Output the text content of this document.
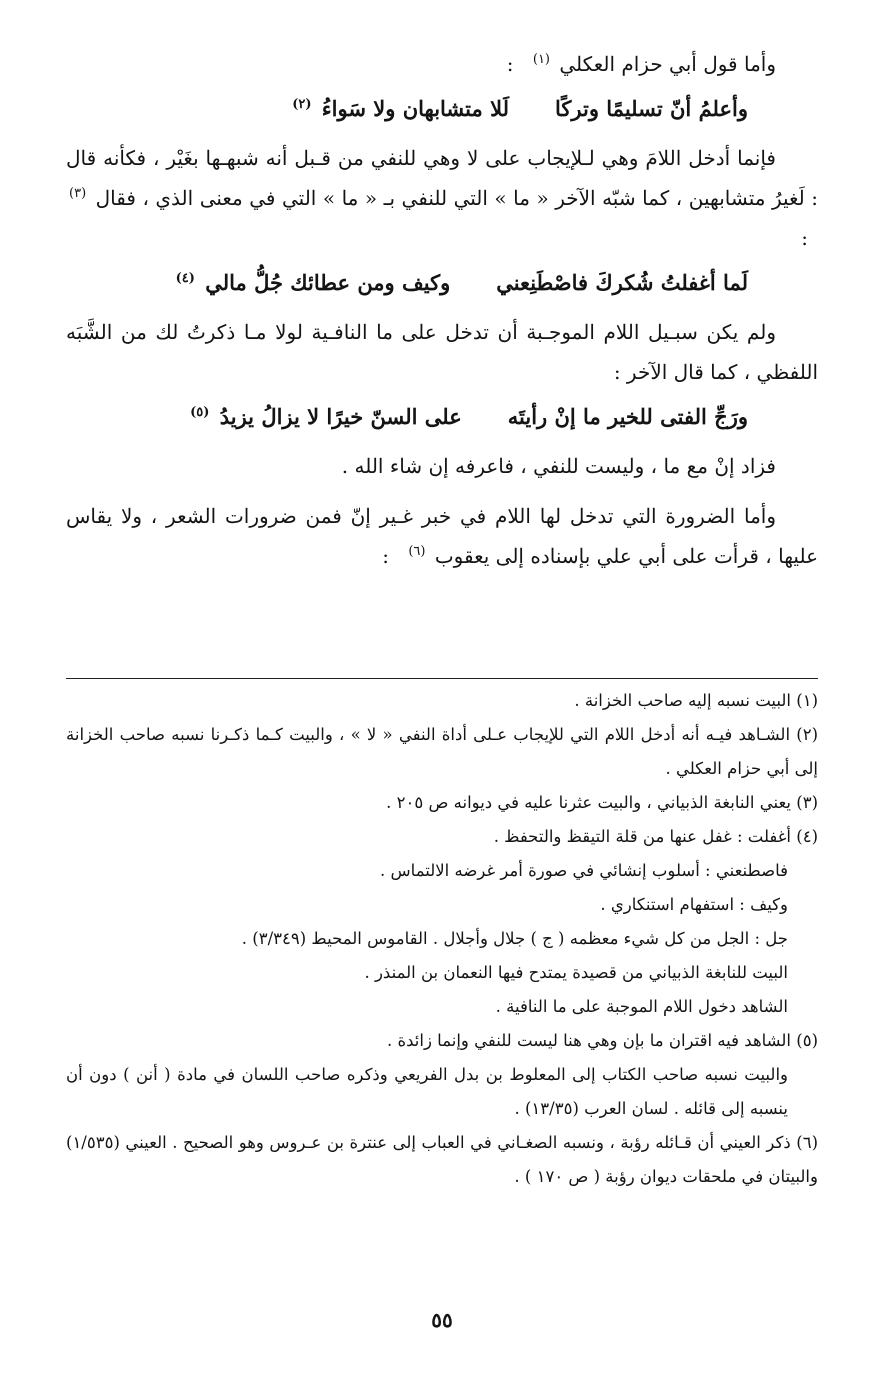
وأما قول أبي حزام العكلي $^{(١)}$ :

وأعلمُ أنّ تسليمًا وتركًا
لَلا متشابهان ولا سَواءُ $^{(٢)}$

فإنما أدخل اللامَ وهي لـلإيجاب على لا وهي للنفي من قـبل أنه شبهـها بغَيْر ، فكأنه قال : لَغيرُ متشابهين ، كما شبّه الآخر « ما » التي للنفي بـ « ما » التي في معنى الذي ، فقال $^{(٣)}$ :

لَما أغفلتُ شُكركَ فاصْطَنِعني
وكيف ومن عطائك جُلُّ مالي $^{(٤)}$

ولم يكن سبـيل اللام الموجـبة أن تدخل على ما النافـية لولا مـا ذكرتُ لك من الشَّبَه اللفظي ، كما قال الآخر :

ورَجِّ الفتى للخير ما إنْ رأيتَه
على السنّ خيرًا لا يزالُ يزيدُ $^{(٥)}$

فزاد إنْ مع ما ، وليست للنفي ، فاعرفه إن شاء الله .

وأما الضرورة التي تدخل لها اللام في خبر غـير إنّ فمن ضرورات الشعر ، ولا يقاس عليها ، قرأت على أبي علي بإسناده إلى يعقوب $^{(٦)}$ :

(١) البيت نسبه إليه صاحب الخزانة .

(٢) الشـاهد فيـه أنه أدخل اللام التي للإيجاب عـلى أداة النفي « لا » ، والبيت كـما ذكـرنا نسبه صاحب الخزانة إلى أبي حزام العكلي .

(٣) يعني النابغة الذبياني ، والبيت عثرنا عليه في ديوانه ص ٢٠٥ .

(٤) أغفلت : غفل عنها من قلة التيقظ والتحفظ .

فاصطنعني : أسلوب إنشائي في صورة أمر غرضه الالتماس .

وكيف : استفهام استنكاري .

جل : الجل من كل شيء معظمه ( ج ) جلال وأجلال . القاموس المحيط (٣/٣٤٩) .

البيت للنابغة الذبياني من قصيدة يمتدح فيها النعمان بن المنذر .

الشاهد دخول اللام الموجبة على ما النافية .

(٥) الشاهد فيه اقتران ما بإن وهي هنا ليست للنفي وإنما زائدة .

والبيت نسبه صاحب الكتاب إلى المعلوط بن بدل الفريعي وذكره صاحب اللسان في مادة ( أنن ) دون أن ينسبه إلى قائله . لسان العرب (١٣/٣٥) .

(٦) ذكر العيني أن قـائله رؤبة ، ونسبه الصغـاني في العباب إلى عنترة بن عـروس وهو الصحيح . العيني (١/٥٣٥) والبيتان في ملحقات ديوان رؤبة ( ص ١٧٠ ) .

٥٥
